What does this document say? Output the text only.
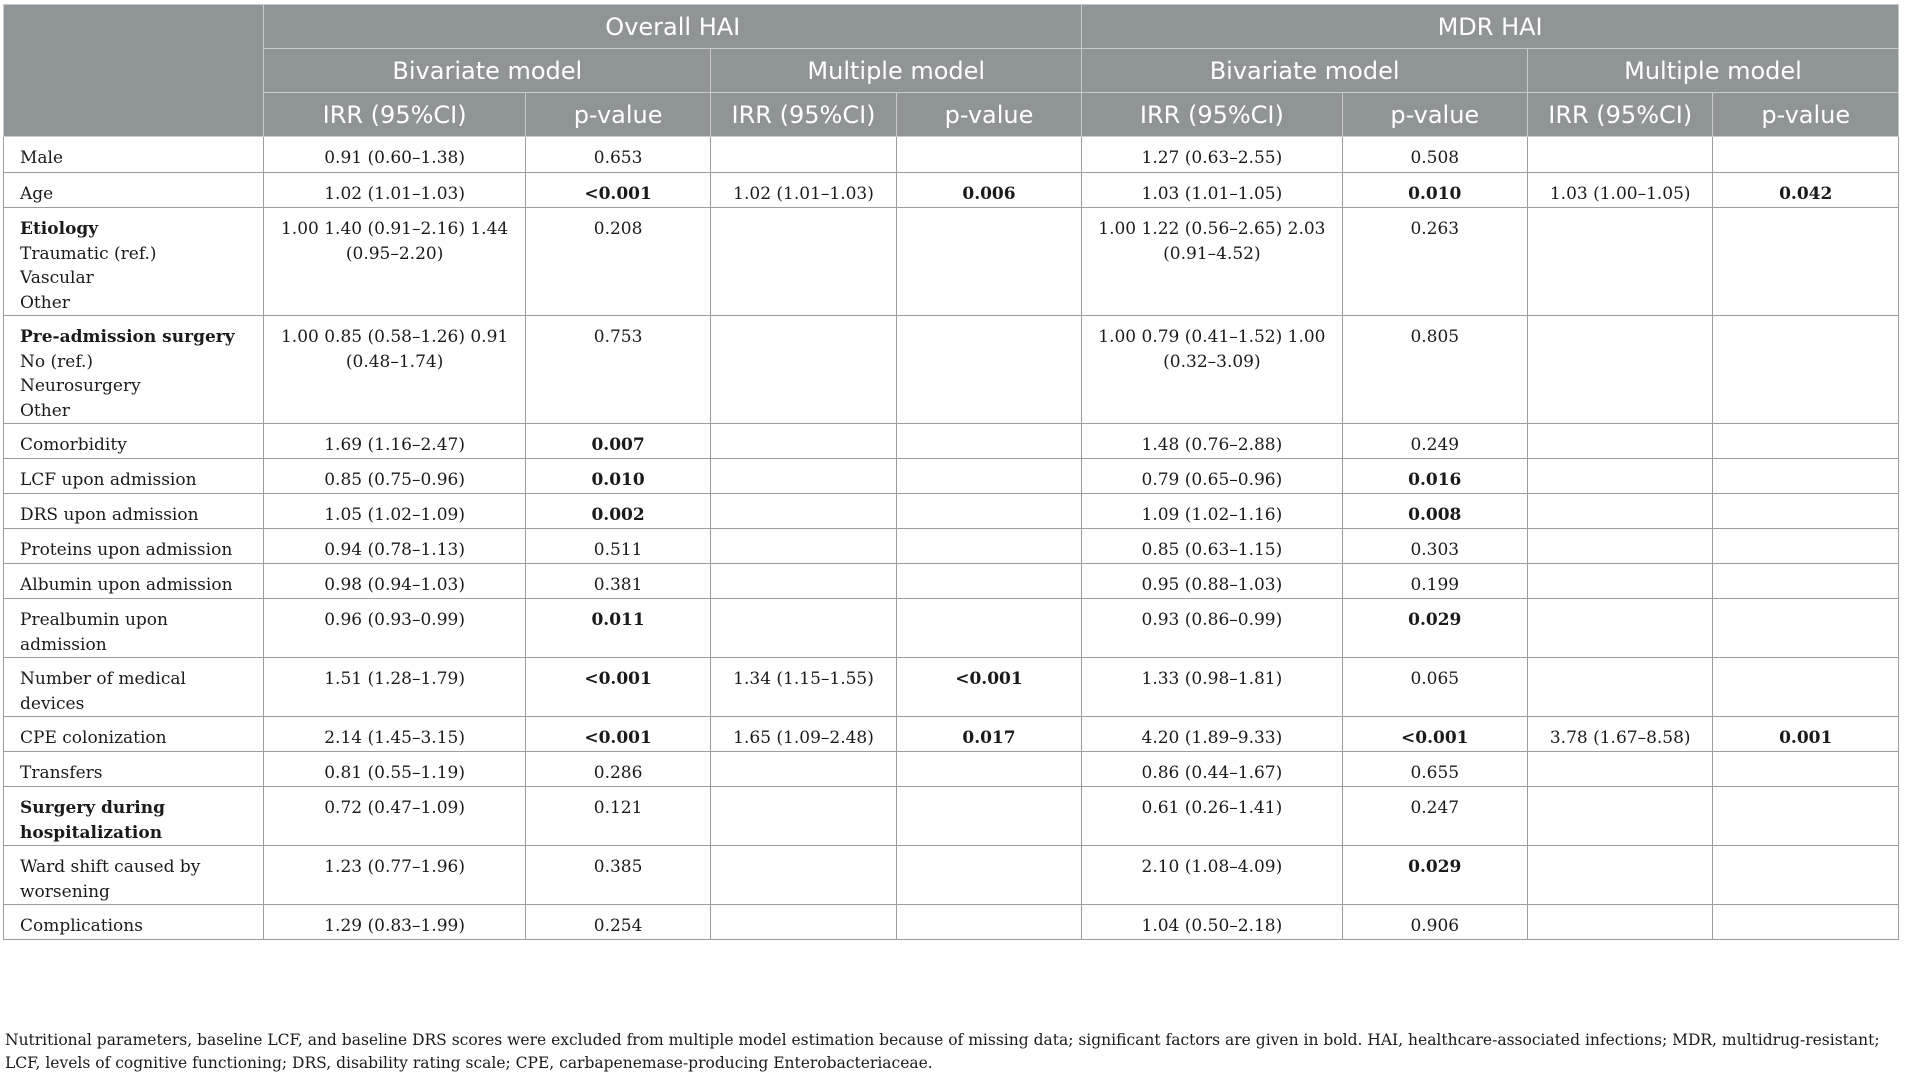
	Overall HAI				MDR HAI			
	Bivariate model		Multiple model		Bivariate model		Multiple model	
	IRR (95%CI)	p-value	IRR (95%CI)	p-value	IRR (95%CI)	p-value	IRR (95%CI)	p-value
Male	0.91 (0.60–1.38)	0.653			1.27 (0.63–2.55)	0.508		
Age	1.02 (1.01–1.03)	<0.001	1.02 (1.01–1.03)	0.006	1.03 (1.01–1.05)	0.010	1.03 (1.00–1.05)	0.042

Etiology
Traumatic (ref.)
Vascular
Other	1.00 1.40 (0.91–2.16) 1.44 (0.95–2.20)	0.208			1.00 1.22 (0.56–2.65) 2.03 (0.91–4.52)	0.263		

Pre-admission surgery
No (ref.)
Neurosurgery
Other	1.00 0.85 (0.58–1.26) 0.91 (0.48–1.74)	0.753			1.00 0.79 (0.41–1.52) 1.00 (0.32–3.09)	0.805		
Comorbidity	1.69 (1.16–2.47)	0.007			1.48 (0.76–2.88)	0.249		
LCF upon admission	0.85 (0.75–0.96)	0.010			0.79 (0.65–0.96)	0.016		
DRS upon admission	1.05 (1.02–1.09)	0.002			1.09 (1.02–1.16)	0.008		
Proteins upon admission	0.94 (0.78–1.13)	0.511			0.85 (0.63–1.15)	0.303		
Albumin upon admission	0.98 (0.94–1.03)	0.381			0.95 (0.88–1.03)	0.199		
Prealbumin upon admission	0.96 (0.93–0.99)	0.011			0.93 (0.86–0.99)	0.029		
Number of medical devices	1.51 (1.28–1.79)	<0.001	1.34 (1.15–1.55)	<0.001	1.33 (0.98–1.81)	0.065		
CPE colonization	2.14 (1.45–3.15)	<0.001	1.65 (1.09–2.48)	0.017	4.20 (1.89–9.33)	<0.001	3.78 (1.67–8.58)	0.001
Transfers	0.81 (0.55–1.19)	0.286			0.86 (0.44–1.67)	0.655		
Surgery during hospitalization	0.72 (0.47–1.09)	0.121			0.61 (0.26–1.41)	0.247		
Ward shift caused by worsening	1.23 (0.77–1.96)	0.385			2.10 (1.08–4.09)	0.029		
Complications	1.29 (0.83–1.99)	0.254			1.04 (0.50–2.18)	0.906		
Nutritional parameters, baseline LCF, and baseline DRS scores were excluded from multiple model estimation because of missing data; significant factors are given in bold. HAI, healthcare-associated infections; MDR, multidrug-resistant; LCF, levels of cognitive functioning; DRS, disability rating scale; CPE, carbapenemase-producing Enterobacteriaceae.
